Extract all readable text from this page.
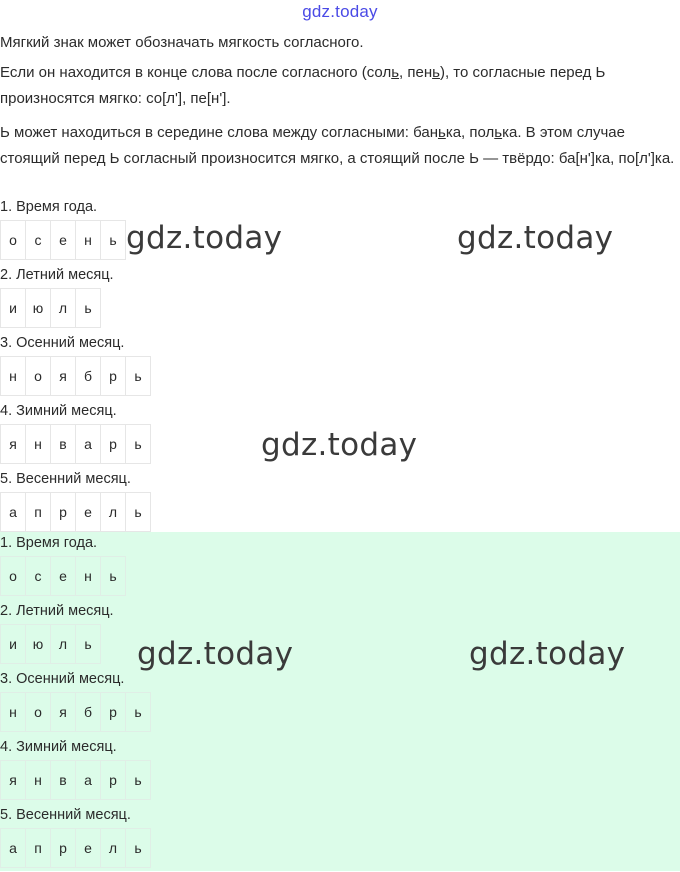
gdz.today

Мягкий знак может обозначать мягкость согласного.

Если он находится в конце слова после согласного (соль, пень), то согласные перед Ь произносятся мягко: со[л'], пе[н'].

Ь может находиться в середине слова между согласными: банька, полька. В этом случае стоящий перед Ь согласный произносится мягко, а стоящий после Ь — твёрдо: ба[н']ка, по[л']ка.

1. Время года.
о	с	е	н	ь
2. Летний месяц.
и	ю	л	ь
3. Осенний месяц.
н	о	я	б	р	ь
4. Зимний месяц.
я	н	в	а	р	ь
5. Весенний месяц.
а	п	р	е	л	ь
1. Время года.
о	с	е	н	ь
2. Летний месяц.
и	ю	л	ь
3. Осенний месяц.
н	о	я	б	р	ь
4. Зимний месяц.
я	н	в	а	р	ь
5. Весенний месяц.
а	п	р	е	л	ь
gdz.today	gdz.today
gdz.today
gdz.today	gdz.today
